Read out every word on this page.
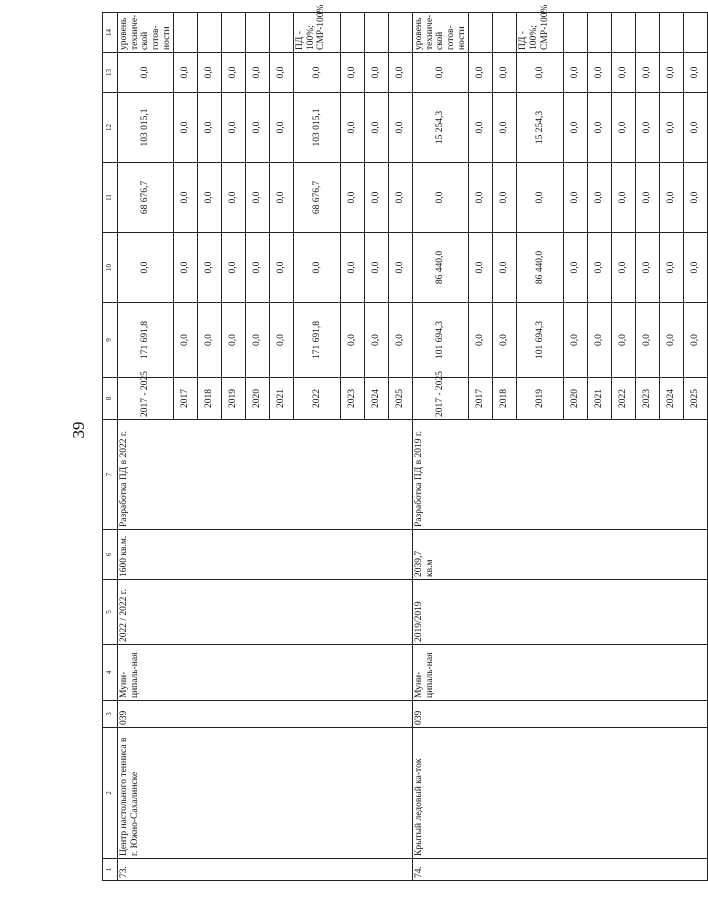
39
1	2	3	4	5	6	7	8	9	10	11	12	13	14
73.	Центр настольного тенниса в г. Южно-Сахалинске	039	Муни-ципаль-ная	2022 / 2022 г.	1600 кв.м.	Разработка ПД в 2022 г.	2017 - 2025	171 691,8	0,0	68 676,7	103 015,1	0,0	уровень техниче-ской готов-ности
							2017	0,0	0,0	0,0	0,0	0,0	
							2018	0,0	0,0	0,0	0,0	0,0	
							2019	0,0	0,0	0,0	0,0	0,0	
							2020	0,0	0,0	0,0	0,0	0,0	
							2021	0,0	0,0	0,0	0,0	0,0	
							2022	171 691,8	0,0	68 676,7	103 015,1	0,0	ПД - 100%; СМР-100%
							2023	0,0	0,0	0,0	0,0	0,0	
							2024	0,0	0,0	0,0	0,0	0,0	
							2025	0,0	0,0	0,0	0,0	0,0	
74.	Крытый ледовый ка-ток	039	Муни-ципаль-ная	2019/2019	2039,7 кв.м	Разработка ПД в 2019 г.	2017 - 2025	101 694,3	86 440,0	0,0	15 254,3	0,0	уровень техниче-ской готов-ности
							2017	0,0	0,0	0,0	0,0	0,0	
							2018	0,0	0,0	0,0	0,0	0,0	
							2019	101 694,3	86 440,0	0,0	15 254,3	0,0	ПД - 100%; СМР-100%
							2020	0,0	0,0	0,0	0,0	0,0	
							2021	0,0	0,0	0,0	0,0	0,0	
							2022	0,0	0,0	0,0	0,0	0,0	
							2023	0,0	0,0	0,0	0,0	0,0	
							2024	0,0	0,0	0,0	0,0	0,0	
							2025	0,0	0,0	0,0	0,0	0,0	
